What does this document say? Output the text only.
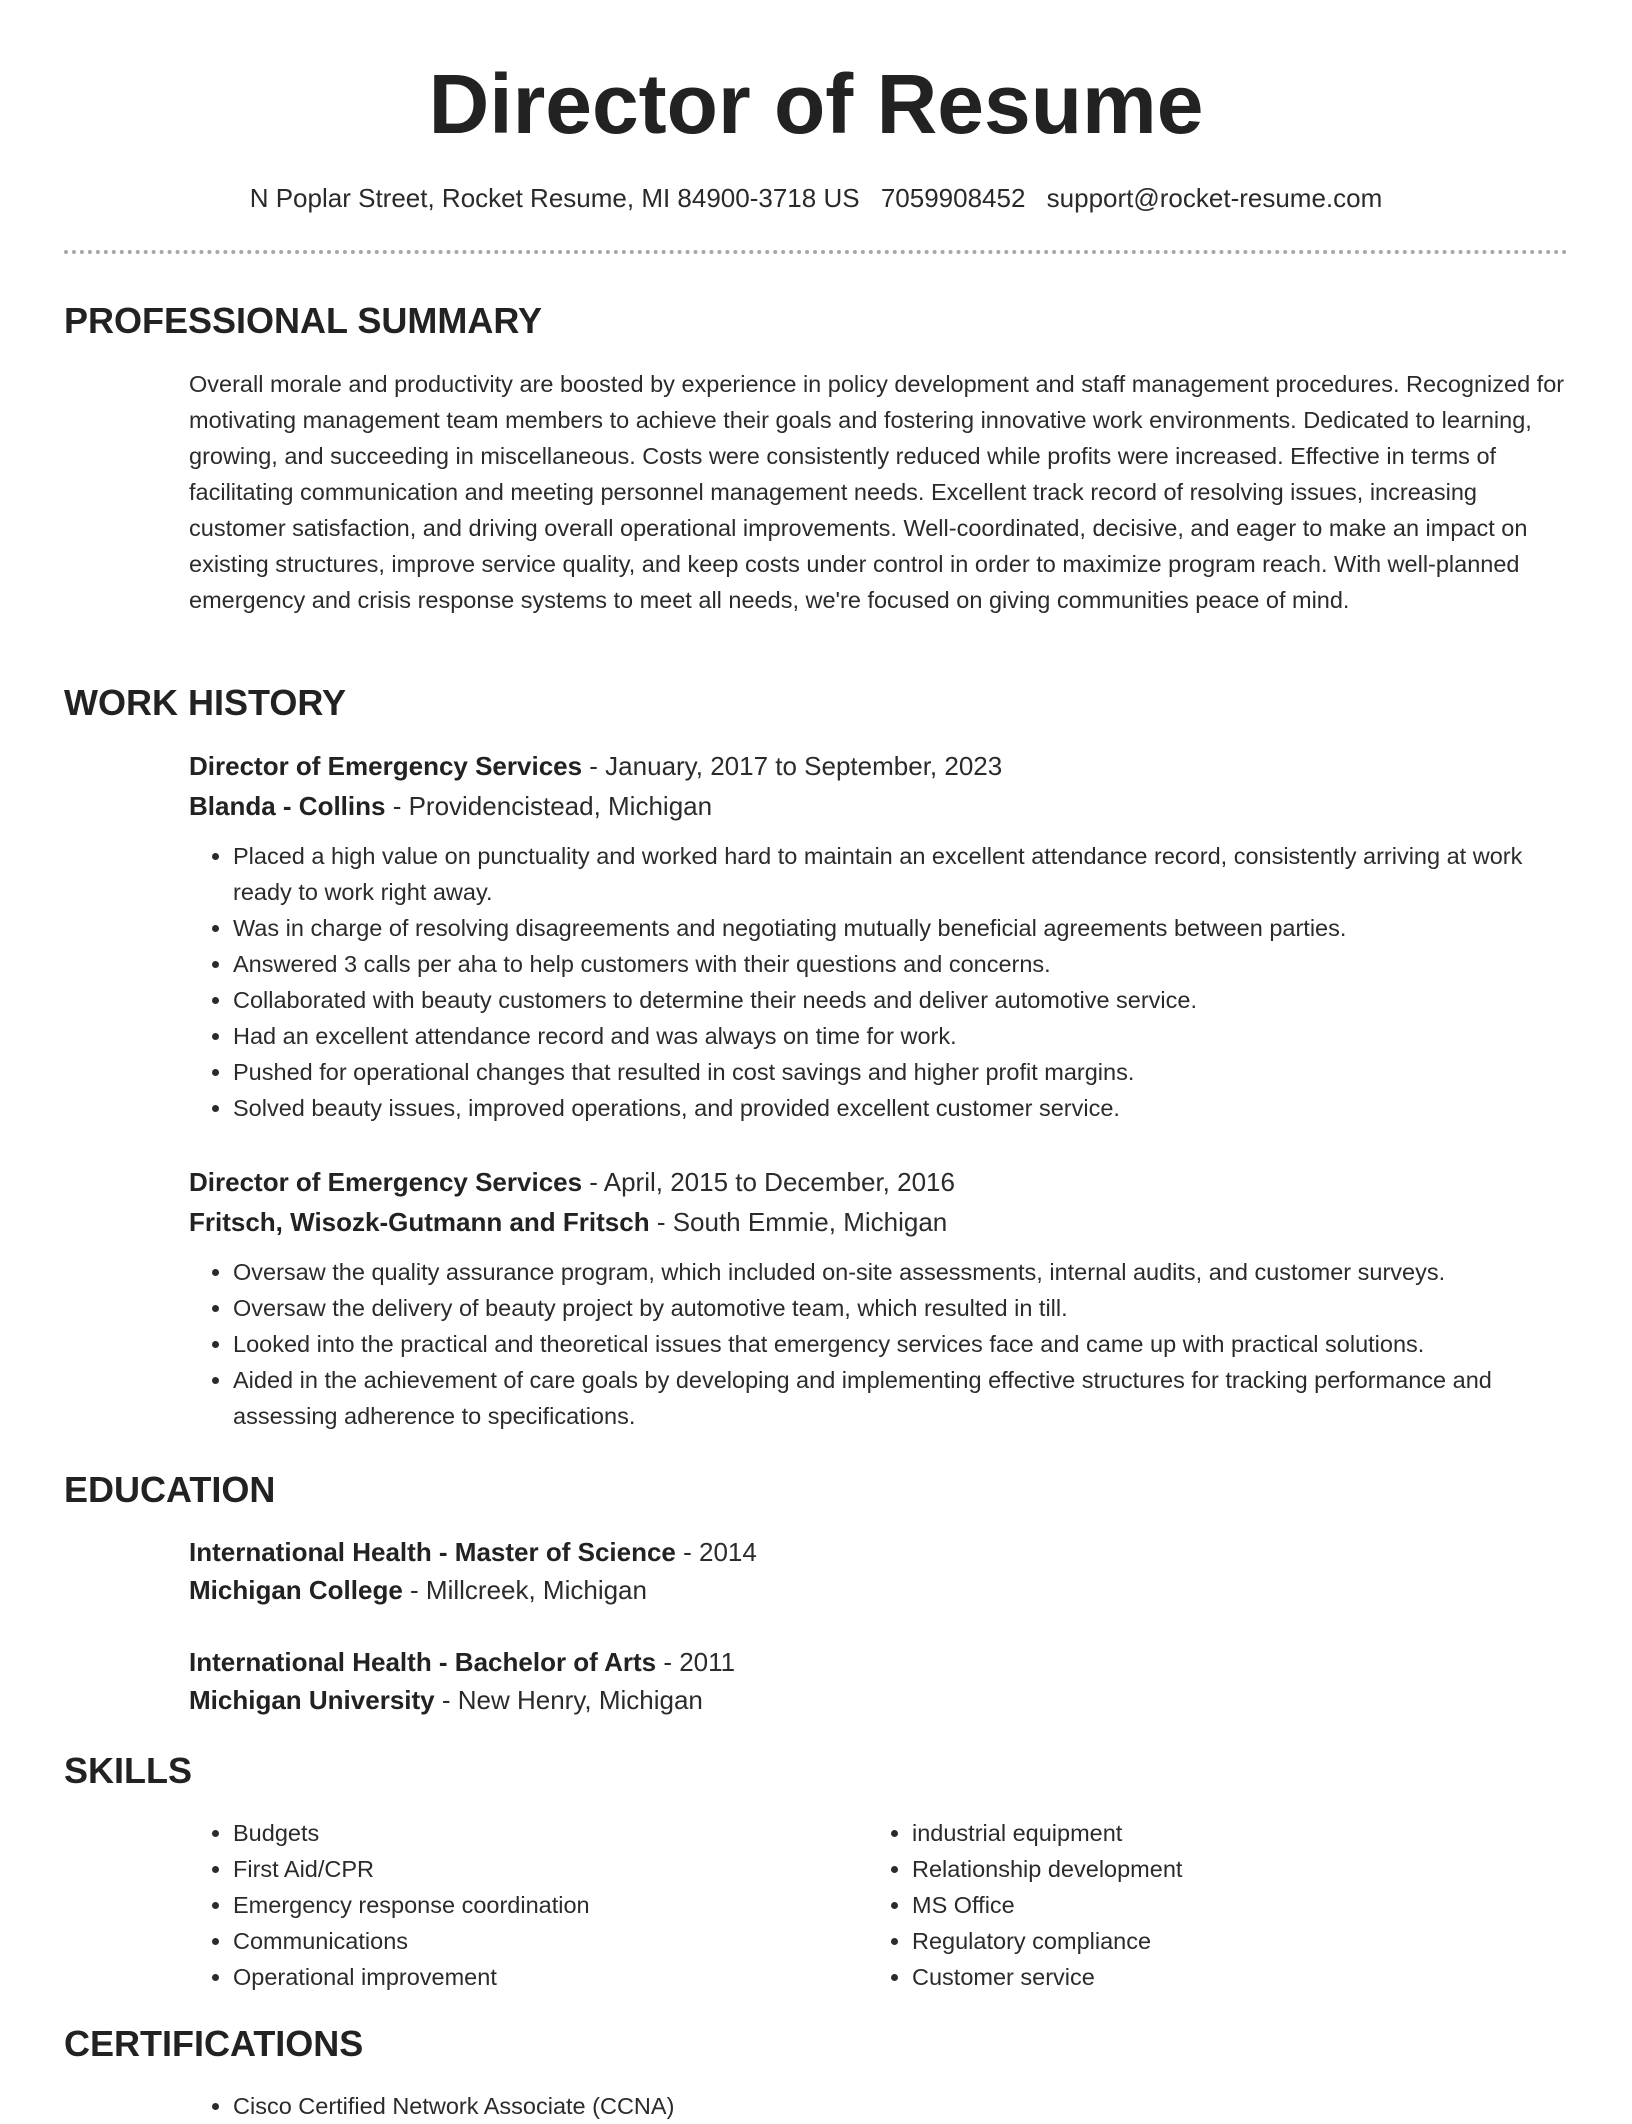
Director of Resume
N Poplar Street, Rocket Resume, MI 84900-3718 US 7059908452 support@rocket-resume.com
PROFESSIONAL SUMMARY

Overall morale and productivity are boosted by experience in policy development and staff management procedures. Recognized for motivating management team members to achieve their goals and fostering innovative work environments. Dedicated to learning, growing, and succeeding in miscellaneous. Costs were consistently reduced while profits were increased. Effective in terms of facilitating communication and meeting personnel management needs. Excellent track record of resolving issues, increasing customer satisfaction, and driving overall operational improvements. Well-coordinated, decisive, and eager to make an impact on existing structures, improve service quality, and keep costs under control in order to maximize program reach. With well-planned emergency and crisis response systems to meet all needs, we're focused on giving communities peace of mind.

WORK HISTORY
Director of Emergency Services - January, 2017 to September, 2023
Blanda - Collins - Providencistead, Michigan
• Placed a high value on punctuality and worked hard to maintain an excellent attendance record, consistently arriving at work ready to work right away.
• Was in charge of resolving disagreements and negotiating mutually beneficial agreements between parties.
• Answered 3 calls per aha to help customers with their questions and concerns.
• Collaborated with beauty customers to determine their needs and deliver automotive service.
• Had an excellent attendance record and was always on time for work.
• Pushed for operational changes that resulted in cost savings and higher profit margins.
• Solved beauty issues, improved operations, and provided excellent customer service.
Director of Emergency Services - April, 2015 to December, 2016
Fritsch, Wisozk-Gutmann and Fritsch - South Emmie, Michigan
• Oversaw the quality assurance program, which included on-site assessments, internal audits, and customer surveys.
• Oversaw the delivery of beauty project by automotive team, which resulted in till.
• Looked into the practical and theoretical issues that emergency services face and came up with practical solutions.
• Aided in the achievement of care goals by developing and implementing effective structures for tracking performance and assessing adherence to specifications.
EDUCATION
International Health - Master of Science - 2014
Michigan College - Millcreek, Michigan
International Health - Bachelor of Arts - 2011
Michigan University - New Henry, Michigan
SKILLS
• Budgets
• First Aid/CPR
• Emergency response coordination
• Communications
• Operational improvement
• industrial equipment
• Relationship development
• MS Office
• Regulatory compliance
• Customer service
CERTIFICATIONS
• Cisco Certified Network Associate (CCNA)
